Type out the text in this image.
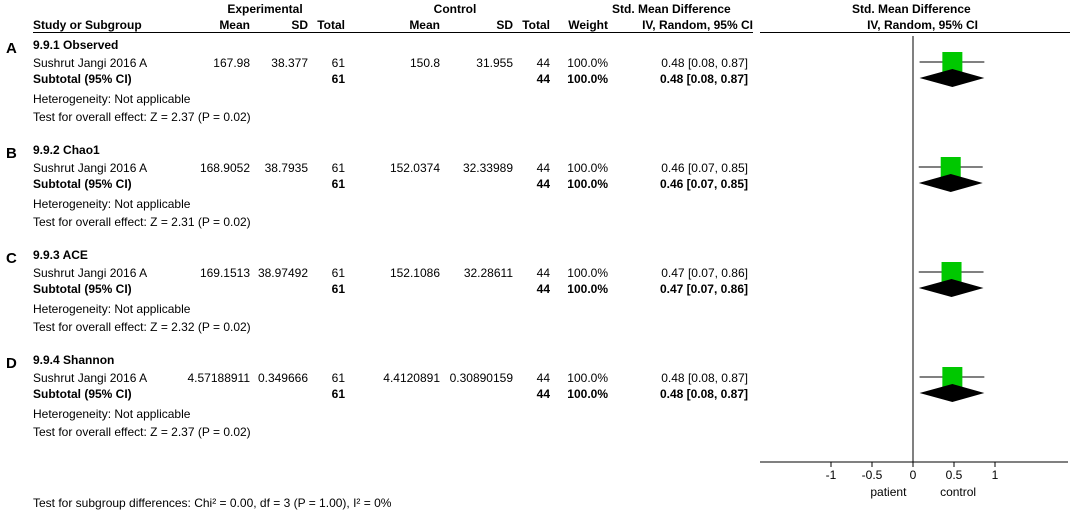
Experimental	Control	Std. Mean Difference	Std. Mean Difference
Study or Subgroup	Mean	SD Total	Mean	SD Total	Weight	IV, Random, 95% CI	IV, Random, 95% CI
A 9.9.1 Observed
Sushrut Jangi 2016 A	167.98	38.377	61	150.8	31.955	44	100.0%	0.48 [0.08, 0.87]
Subtotal (95% CI)	61	44	100.0%	0.48 [0.08, 0.87]
Heterogeneity: Not applicable
Test for overall effect: Z = 2.37 (P = 0.02)
B 9.9.2 Chao1
Sushrut Jangi 2016 A	168.9052	38.7935	61	152.0374	32.33989	44	100.0%	0.46 [0.07, 0.85]
Subtotal (95% CI)	61	44	100.0%	0.46 [0.07, 0.85]
Heterogeneity: Not applicable
Test for overall effect: Z = 2.31 (P = 0.02)
C 9.9.3 ACE
Sushrut Jangi 2016 A	169.1513 38.97492	61	152.1086	32.28611	44	100.0%	0.47 [0.07, 0.86]
Subtotal (95% CI)	61	44	100.0%	0.47 [0.07, 0.86]
Heterogeneity: Not applicable
Test for overall effect: Z = 2.32 (P = 0.02)
D 9.9.4 Shannon
Sushrut Jangi 2016 A	4.57188911 0.349666	61	4.4120891 0.30890159	44	100.0%	0.48 [0.08, 0.87]
Subtotal (95% CI)	61	44	100.0%	0.48 [0.08, 0.87]
Heterogeneity: Not applicable
Test for overall effect: Z = 2.37 (P = 0.02)
Test for subgroup differences: Chi² = 0.00, df = 3 (P = 1.00), I² = 0%
-1 -0.5 0 0.5 1
patient	control
